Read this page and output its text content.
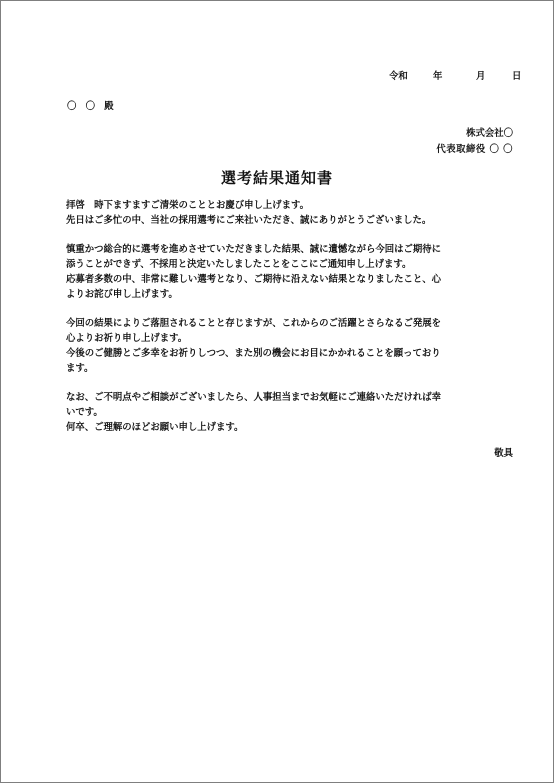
令和	年	月	日
〇 〇 殿
株式会社〇
代表取締役 〇 〇
選考結果通知書
拝啓　時下ますますご清栄のこととお慶び申し上げます。
先日はご多忙の中、当社の採用選考にご来社いただき、誠にありがとうございました。
慎重かつ総合的に選考を進めさせていただきました結果、誠に遺憾ながら今回はご期待に
添うことができず、不採用と決定いたしましたことをここにご通知申し上げます。
応募者多数の中、非常に難しい選考となり、ご期待に沿えない結果となりましたこと、心
よりお詫び申し上げます。
今回の結果によりご落胆されることと存じますが、これからのご活躍とさらなるご発展を
心よりお祈り申し上げます。
今後のご健勝とご多幸をお祈りしつつ、また別の機会にお目にかかれることを願っており
ます。
なお、ご不明点やご相談がございましたら、人事担当までお気軽にご連絡いただければ幸
いです。
何卒、ご理解のほどお願い申し上げます。
敬具
